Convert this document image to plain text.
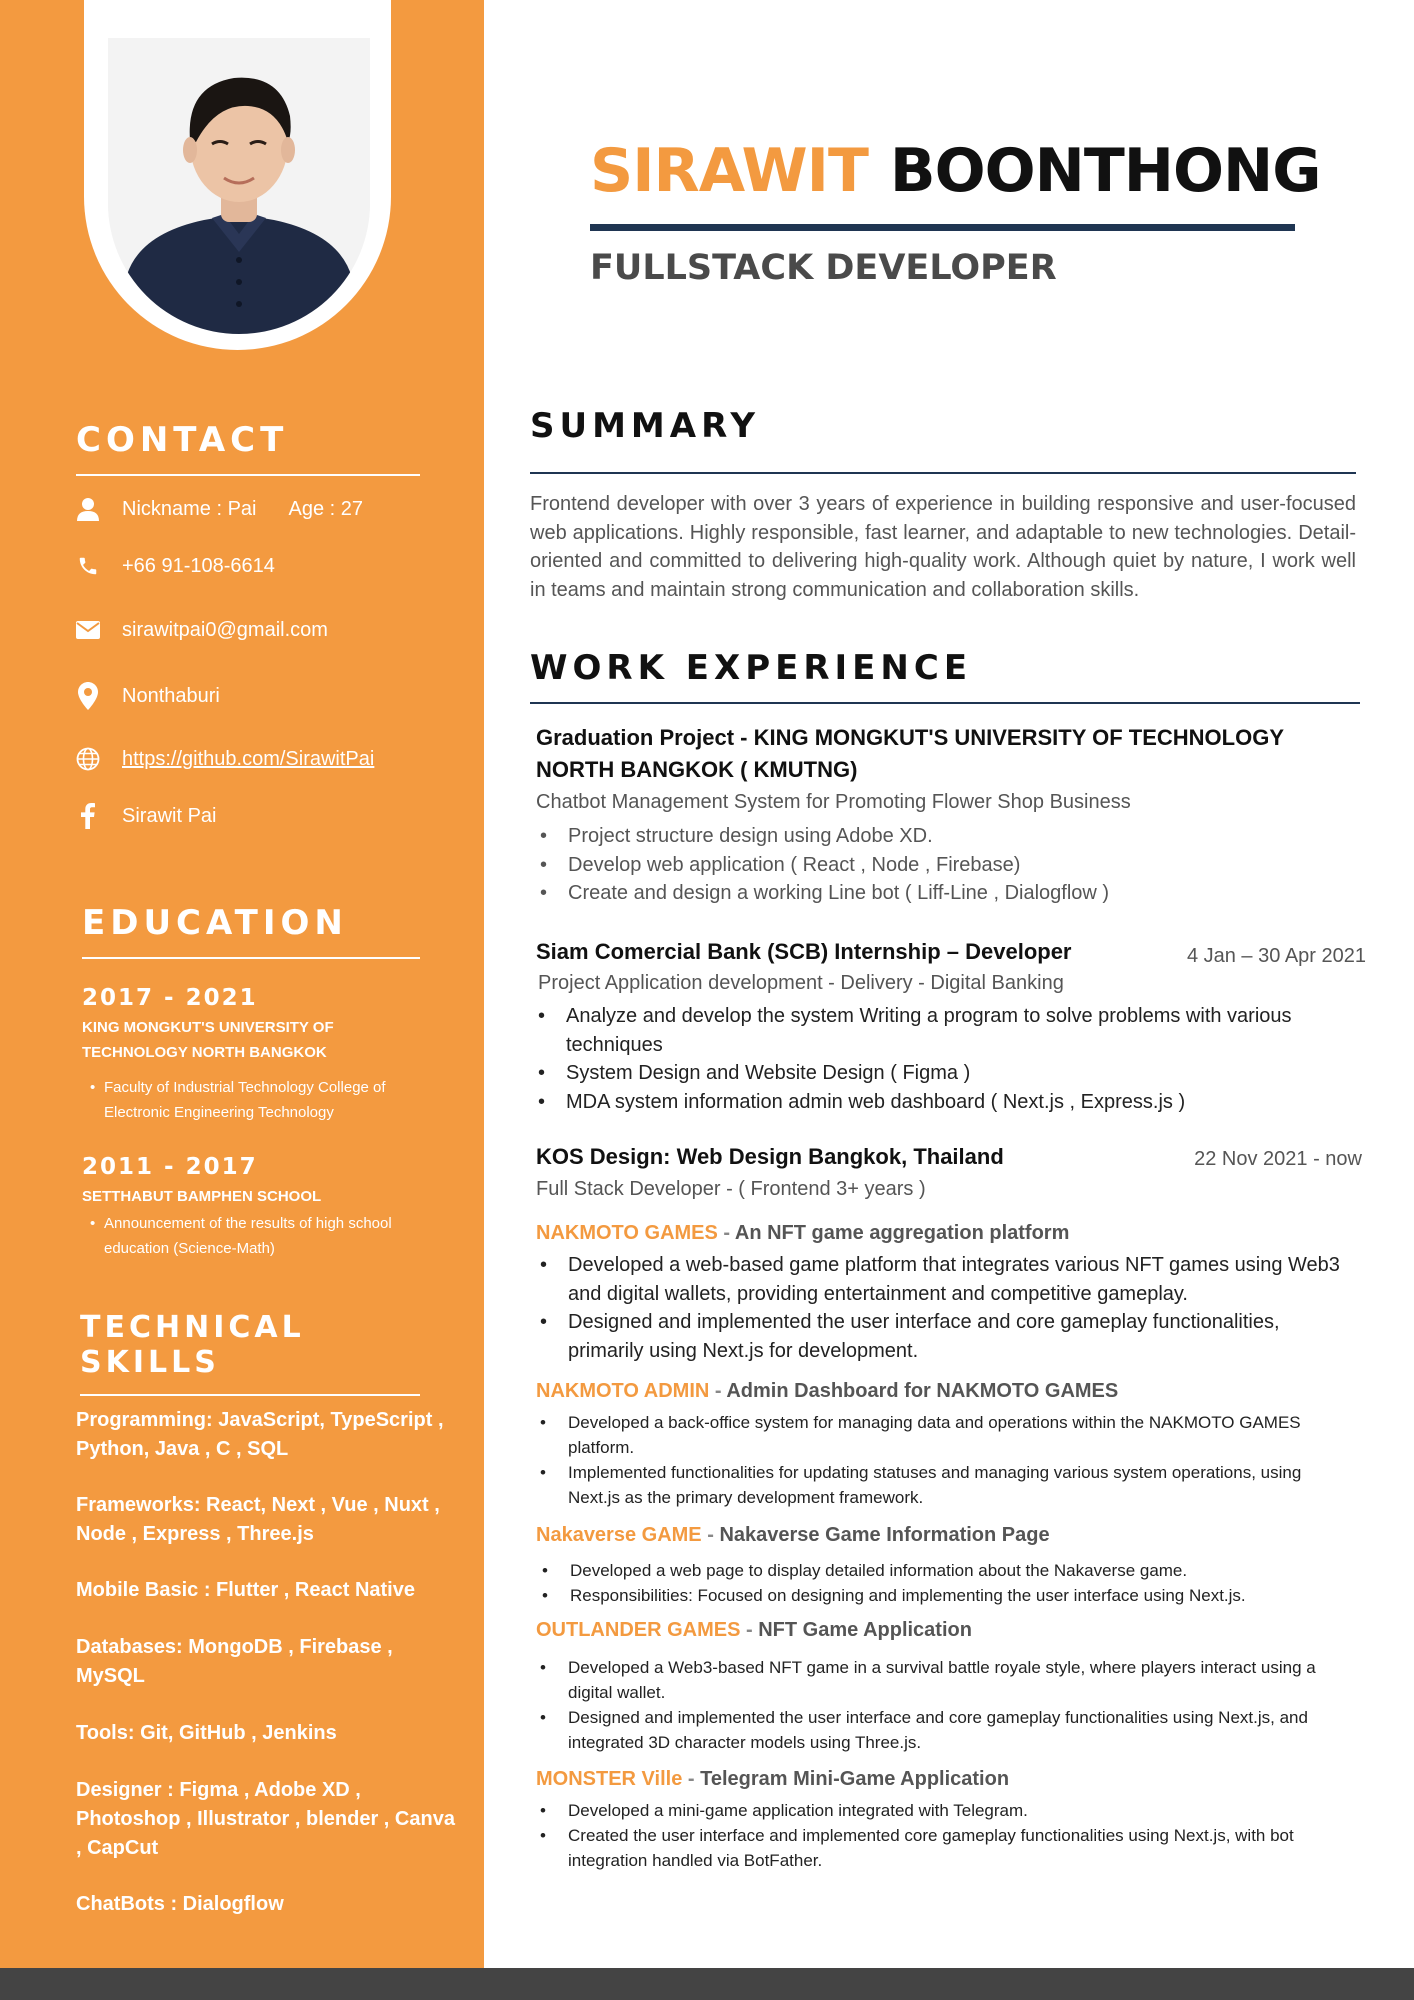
CONTACT
Nickname : Pai Age : 27
+66 91-108-6614
sirawitpai0@gmail.com
Nonthaburi
https://github.com/SirawitPai
Sirawit Pai
EDUCATION
2017 - 2021
KING MONGKUT'S UNIVERSITY OF TECHNOLOGY NORTH BANGKOK
• Faculty of Industrial Technology College of Electronic Engineering Technology
2011 - 2017
SETTHABUT BAMPHEN SCHOOL
• Announcement of the results of high school education (Science-Math)
TECHNICAL SKILLS
Programming: JavaScript, TypeScript , Python, Java , C , SQL
Frameworks: React, Next , Vue , Nuxt , Node , Express , Three.js
Mobile Basic : Flutter , React Native
Databases: MongoDB , Firebase , MySQL
Tools: Git, GitHub , Jenkins
Designer : Figma , Adobe XD , Photoshop , Illustrator , blender , Canva , CapCut
ChatBots : Dialogflow
SIRAWIT BOONTHONG
FULLSTACK DEVELOPER
SUMMARY
Frontend developer with over 3 years of experience in building responsive and user-focused web applications. Highly responsible, fast learner, and adaptable to new technologies. Detail-oriented and committed to delivering high-quality work. Although quiet by nature, I work well in teams and maintain strong communication and collaboration skills.
WORK EXPERIENCE
Graduation Project - KING MONGKUT'S UNIVERSITY OF TECHNOLOGY NORTH BANGKOK ( KMUTNG)
Chatbot Management System for Promoting Flower Shop Business
• Project structure design using Adobe XD.
• Develop web application ( React , Node , Firebase)
• Create and design a working Line bot ( Liff-Line , Dialogflow )
Siam Comercial Bank (SCB) Internship – Developer	4 Jan – 30 Apr 2021
Project Application development - Delivery - Digital Banking
• Analyze and develop the system Writing a program to solve problems with various techniques
• System Design and Website Design ( Figma )
• MDA system information admin web dashboard ( Next.js , Express.js )
KOS Design: Web Design Bangkok, Thailand	22 Nov 2021 - now
Full Stack Developer - ( Frontend 3+ years )
NAKMOTO GAMES - An NFT game aggregation platform
• Developed a web-based game platform that integrates various NFT games using Web3 and digital wallets, providing entertainment and competitive gameplay.
• Designed and implemented the user interface and core gameplay functionalities, primarily using Next.js for development.
NAKMOTO ADMIN - Admin Dashboard for NAKMOTO GAMES
• Developed a back-office system for managing data and operations within the NAKMOTO GAMES platform.
• Implemented functionalities for updating statuses and managing various system operations, using Next.js as the primary development framework.
Nakaverse GAME - Nakaverse Game Information Page
• Developed a web page to display detailed information about the Nakaverse game.
• Responsibilities: Focused on designing and implementing the user interface using Next.js.
OUTLANDER GAMES - NFT Game Application
• Developed a Web3-based NFT game in a survival battle royale style, where players interact using a digital wallet.
• Designed and implemented the user interface and core gameplay functionalities using Next.js, and integrated 3D character models using Three.js.
MONSTER Ville - Telegram Mini-Game Application
• Developed a mini-game application integrated with Telegram.
• Created the user interface and implemented core gameplay functionalities using Next.js, with bot integration handled via BotFather.
